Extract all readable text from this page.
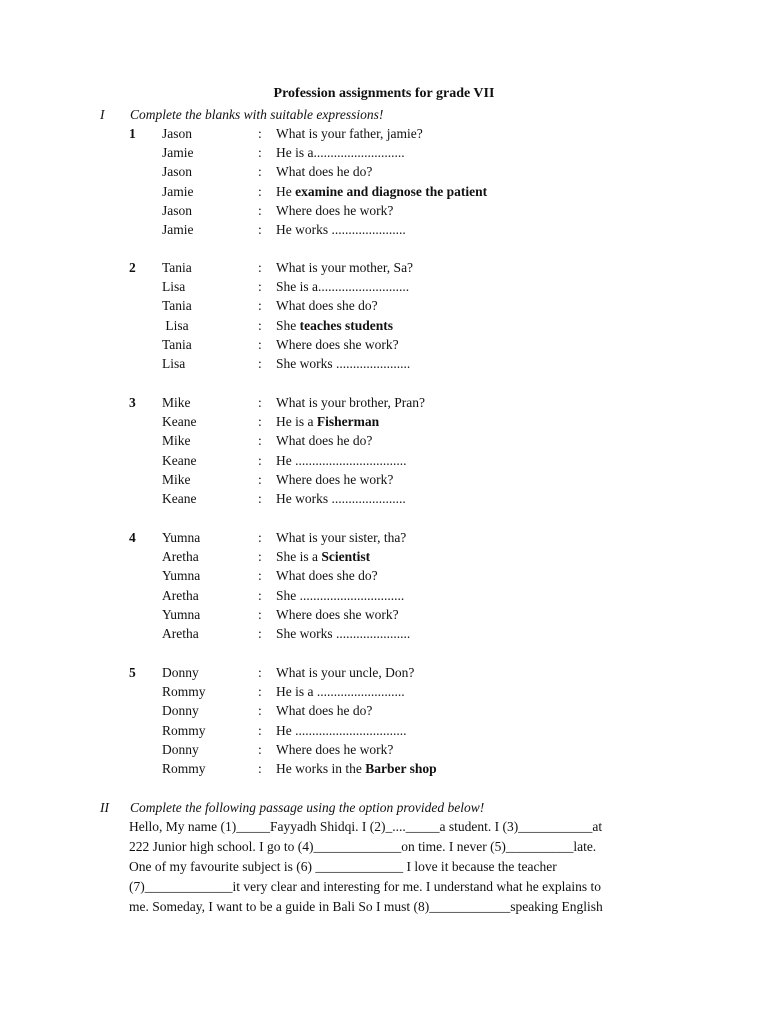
Profession assignments for grade VII
I Complete the blanks with suitable expressions!
1 Jason	: What is your father, jamie?
Jamie	: He is a...........................
Jason	: What does he do?
Jamie	: He examine and diagnose the patient
Jason	: Where does he work?
Jamie	: He works ......................
2 Tania	: What is your mother, Sa?
Lisa	: She is a...........................
Tania	: What does she do?
Lisa	: She teaches students
Tania	: Where does she work?
Lisa	: She works ......................
3 Mike	: What is your brother, Pran?
Keane	: He is a Fisherman
Mike	: What does he do?
Keane	: He .................................
Mike	: Where does he work?
Keane	: He works ......................
4 Yumna	: What is your sister, tha?
Aretha	: She is a Scientist
Yumna	: What does she do?
Aretha	: She ...............................
Yumna	: Where does she work?
Aretha	: She works ......................
5 Donny	: What is your uncle, Don?
Rommy	: He is a ..........................
Donny	: What does he do?
Rommy	: He .................................
Donny	: Where does he work?
Rommy	: He works in the Barber shop
II Complete the following passage using the option provided below!
Hello, My name (1)_____Fayyadh Shidqi. I (2)_...._____a student. I (3)___________at
222 Junior high school. I go to (4)_____________on time. I never (5)__________late.
One of my favourite subject is (6) _____________ I love it because the teacher
(7)_____________it very clear and interesting for me. I understand what he explains to
me. Someday, I want to be a guide in Bali So I must (8)____________speaking English
